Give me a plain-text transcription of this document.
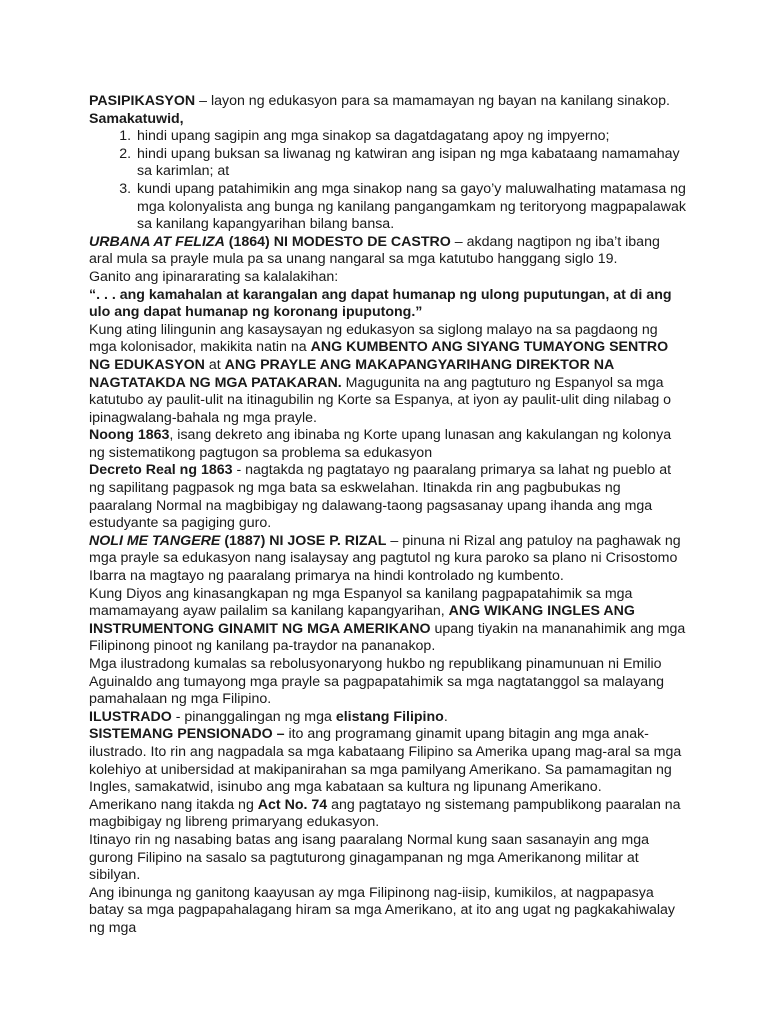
PASIPIKASYON – layon ng edukasyon para sa mamamayan ng bayan na kanilang sinakop.

Samakatuwid,

1. hindi upang sagipin ang mga sinakop sa dagatdagatang apoy ng impyerno;
2. hindi upang buksan sa liwanag ng katwiran ang isipan ng mga kabataang namamahay sa karimlan; at
3. kundi upang patahimikin ang mga sinakop nang sa gayo’y maluwalhating matamasa ng mga kolonyalista ang bunga ng kanilang pangangamkam ng teritoryong magpapalawak sa kanilang kapangyarihan bilang bansa.

URBANA AT FELIZA (1864) NI MODESTO DE CASTRO – akdang nagtipon ng iba’t ibang aral mula sa prayle mula pa sa unang nangaral sa mga katutubo hanggang siglo 19.

Ganito ang ipinararating sa kalalakihan:

“. . . ang kamahalan at karangalan ang dapat humanap ng ulong puputungan, at di ang ulo ang dapat humanap ng koronang ipuputong.”

Kung ating lilingunin ang kasaysayan ng edukasyon sa siglong malayo na sa pagdaong ng mga kolonisador, makikita natin na ANG KUMBENTO ANG SIYANG TUMAYONG SENTRO NG EDUKASYON at ANG PRAYLE ANG MAKAPANGYARIHANG DIREKTOR NA NAGTATAKDA NG MGA PATAKARAN. Magugunita na ang pagtuturo ng Espanyol sa mga katutubo ay paulit-ulit na itinagubilin ng Korte sa Espanya, at iyon ay paulit-ulit ding nilabag o ipinagwalang-bahala ng mga prayle.

Noong 1863, isang dekreto ang ibinaba ng Korte upang lunasan ang kakulangan ng kolonya ng sistematikong pagtugon sa problema sa edukasyon

Decreto Real ng 1863 - nagtakda ng pagtatayo ng paaralang primarya sa lahat ng pueblo at ng sapilitang pagpasok ng mga bata sa eskwelahan. Itinakda rin ang pagbubukas ng paaralang Normal na magbibigay ng dalawang-taong pagsasanay upang ihanda ang mga estudyante sa pagiging guro.

NOLI ME TANGERE (1887) NI JOSE P. RIZAL – pinuna ni Rizal ang patuloy na paghawak ng mga prayle sa edukasyon nang isalaysay ang pagtutol ng kura paroko sa plano ni Crisostomo Ibarra na magtayo ng paaralang primarya na hindi kontrolado ng kumbento.

Kung Diyos ang kinasangkapan ng mga Espanyol sa kanilang pagpapatahimik sa mga mamamayang ayaw pailalim sa kanilang kapangyarihan, ANG WIKANG INGLES ANG INSTRUMENTONG GINAMIT NG MGA AMERIKANO upang tiyakin na mananahimik ang mga Filipinong pinoot ng kanilang pa-traydor na pananakop.

Mga ilustradong kumalas sa rebolusyonaryong hukbo ng republikang pinamunuan ni Emilio Aguinaldo ang tumayong mga prayle sa pagpapatahimik sa mga nagtatanggol sa malayang pamahalaan ng mga Filipino.

ILUSTRADO - pinanggalingan ng mga elistang Filipino.

SISTEMANG PENSIONADO – ito ang programang ginamit upang bitagin ang mga anak-ilustrado. Ito rin ang nagpadala sa mga kabataang Filipino sa Amerika upang mag-aral sa mga kolehiyo at unibersidad at makipanirahan sa mga pamilyang Amerikano. Sa pamamagitan ng Ingles, samakatwid, isinubo ang mga kabataan sa kultura ng lipunang Amerikano.

Amerikano nang itakda ng Act No. 74 ang pagtatayo ng sistemang pampublikong paaralan na magbibigay ng libreng primaryang edukasyon.

Itinayo rin ng nasabing batas ang isang paaralang Normal kung saan sasanayin ang mga gurong Filipino na sasalo sa pagtuturong ginagampanan ng mga Amerikanong militar at sibilyan.

Ang ibinunga ng ganitong kaayusan ay mga Filipinong nag-iisip, kumikilos, at nagpapasya batay sa mga pagpapahalagang hiram sa mga Amerikano, at ito ang ugat ng pagkakahiwalay ng mga
